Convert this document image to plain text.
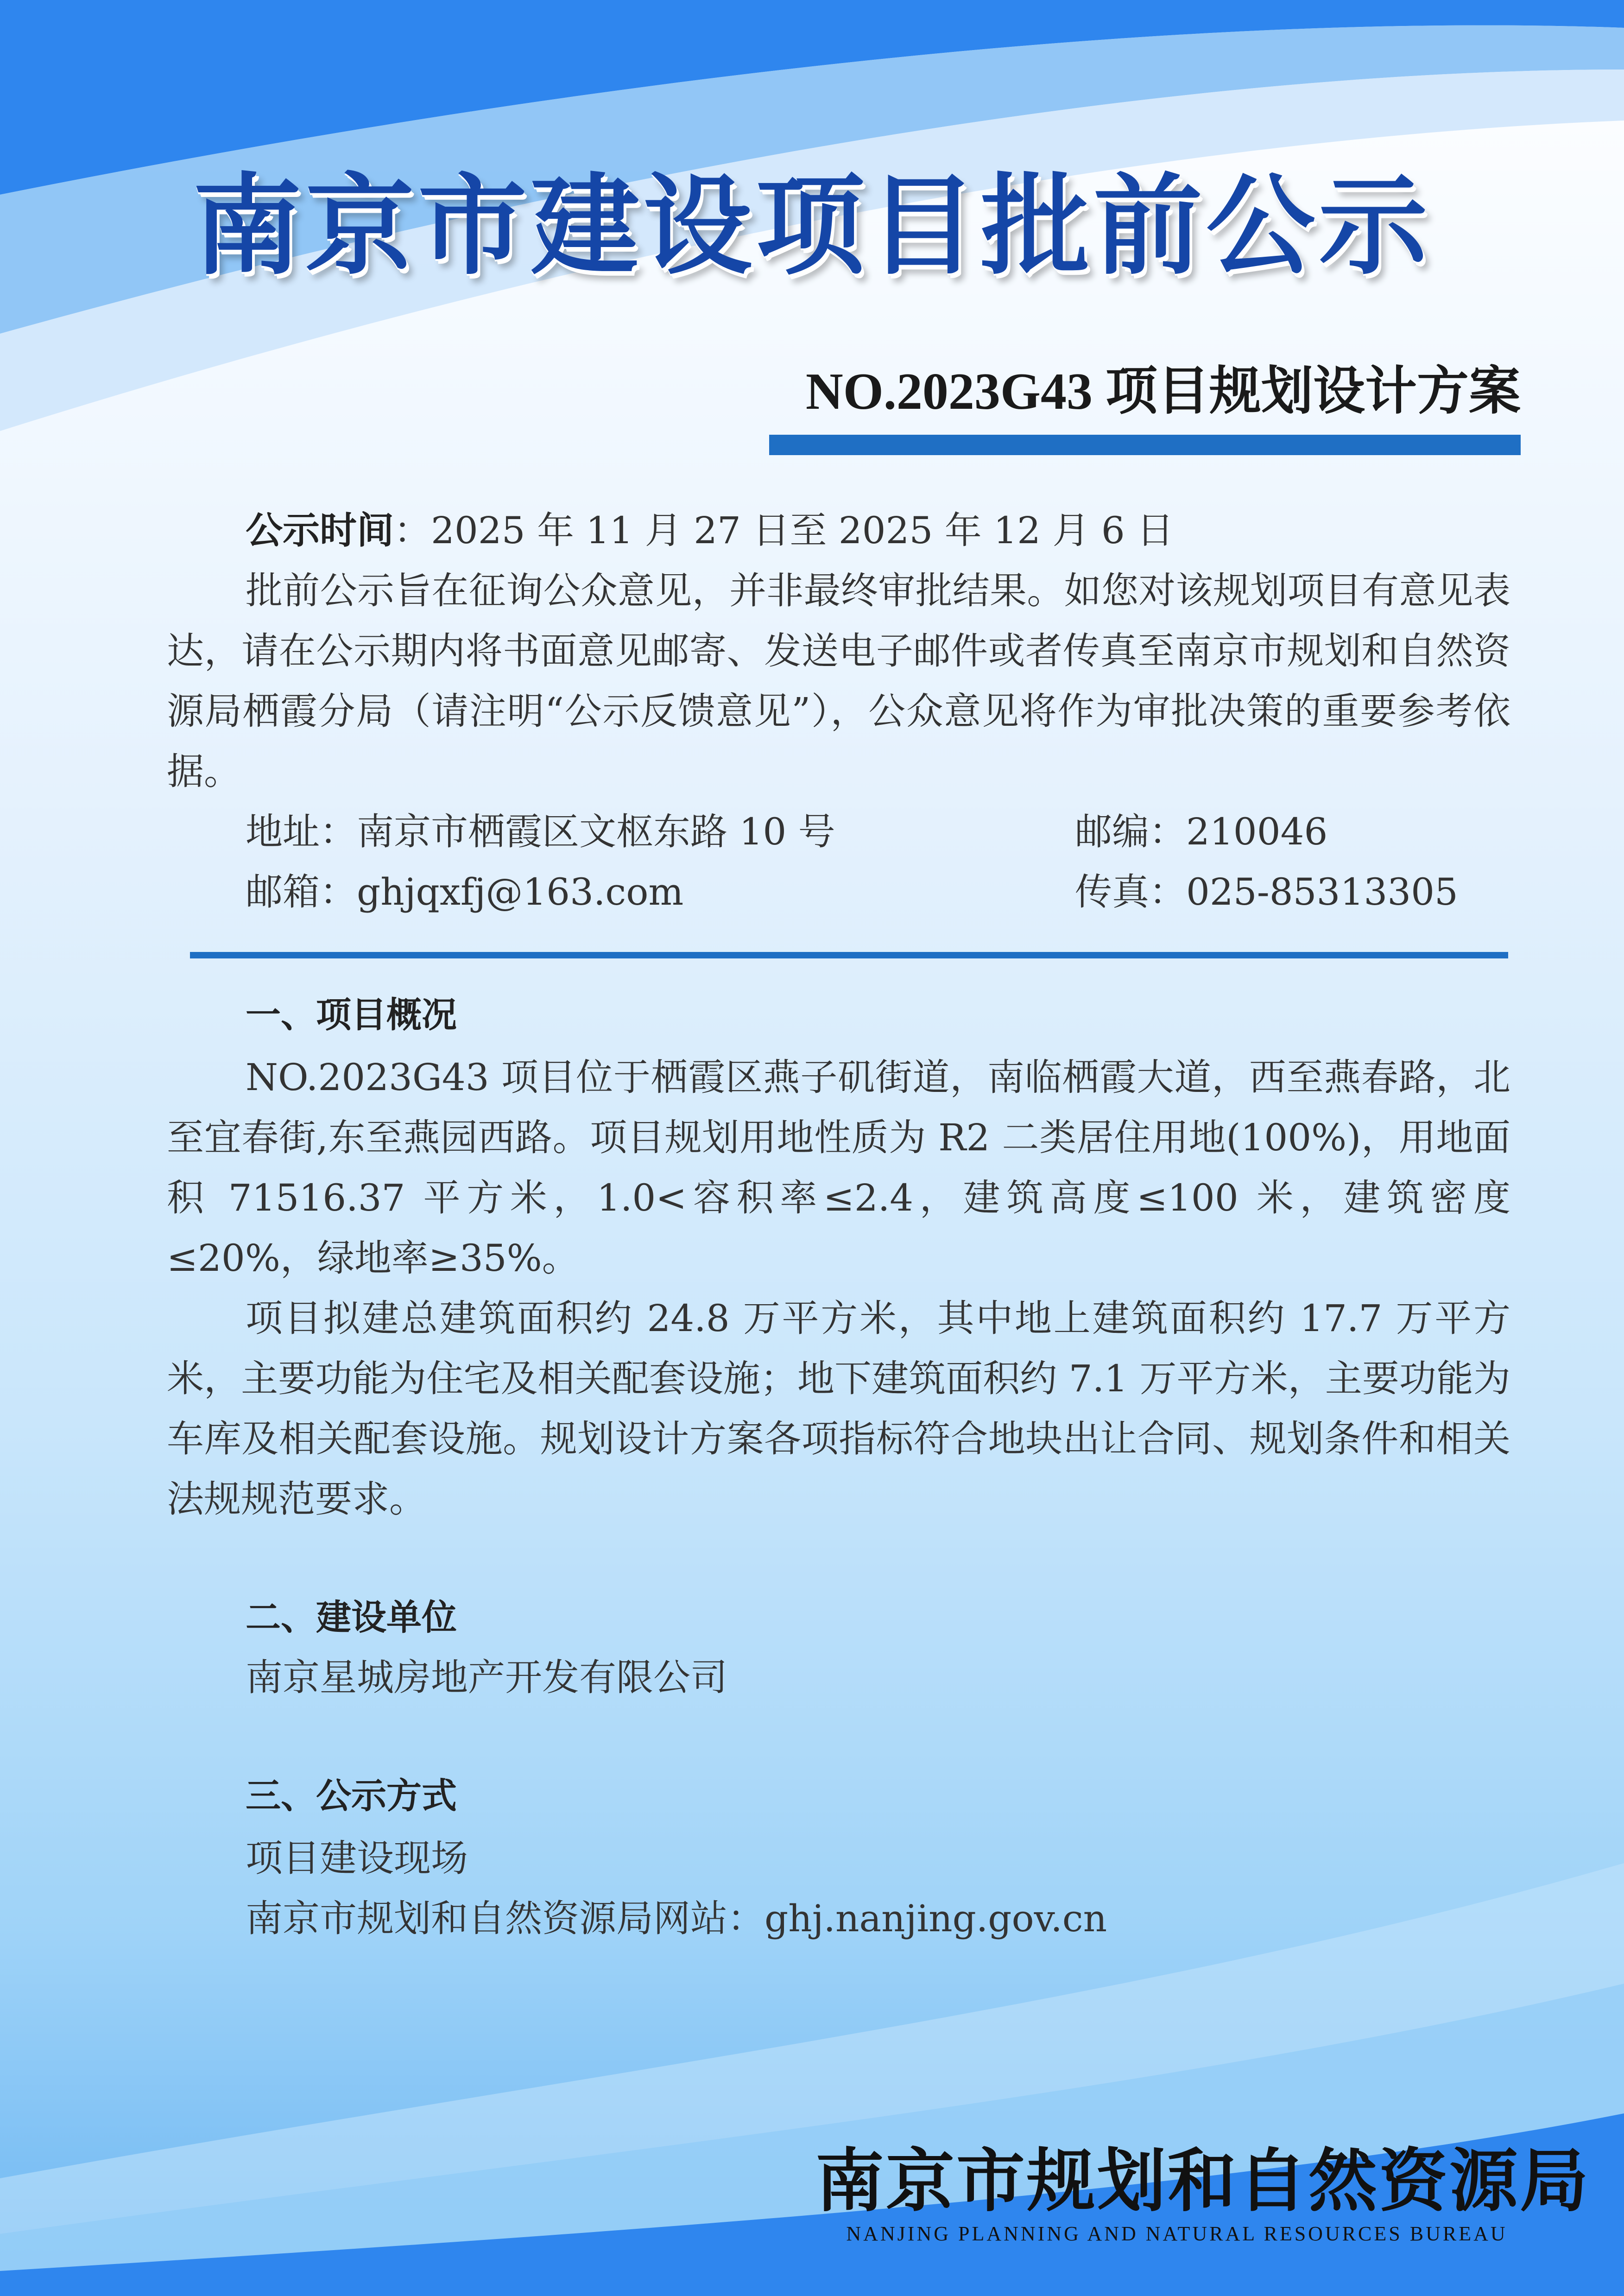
南京市建设项目批前公示
NO.2023G43 项目规划设计方案

公示时间：2025 年 11 月 27 日至 2025 年 12 月 6 日

批前公示旨在征询公众意见，并非最终审批结果。如您对该规划项目有意见表达，请在公示期内将书面意见邮寄、发送电子邮件或者传真至南京市规划和自然资源局栖霞分局（请注明“公示反馈意见”），公众意见将作为审批决策的重要参考依据。

地址：南京市栖霞区文枢东路 10 号	邮编：210046
邮箱：ghjqxfj@163.com	传真：025-85313305
一、项目概况

NO.2023G43 项目位于栖霞区燕子矶街道，南临栖霞大道，西至燕春路，北至宜春街,东至燕园西路。项目规划用地性质为 R2 二类居住用地(100%)，用地面积 71516.37 平方米，1.0<容积率≤2.4，建筑高度≤100 米，建筑密度≤20%，绿地率≥35%。

项目拟建总建筑面积约 24.8 万平方米，其中地上建筑面积约 17.7 万平方米，主要功能为住宅及相关配套设施；地下建筑面积约 7.1 万平方米，主要功能为车库及相关配套设施。规划设计方案各项指标符合地块出让合同、规划条件和相关法规规范要求。

二、建设单位
南京星城房地产开发有限公司
三、公示方式
项目建设现场
南京市规划和自然资源局网站：ghj.nanjing.gov.cn
南京市规划和自然资源局
NANJING PLANNING AND NATURAL RESOURCES BUREAU
